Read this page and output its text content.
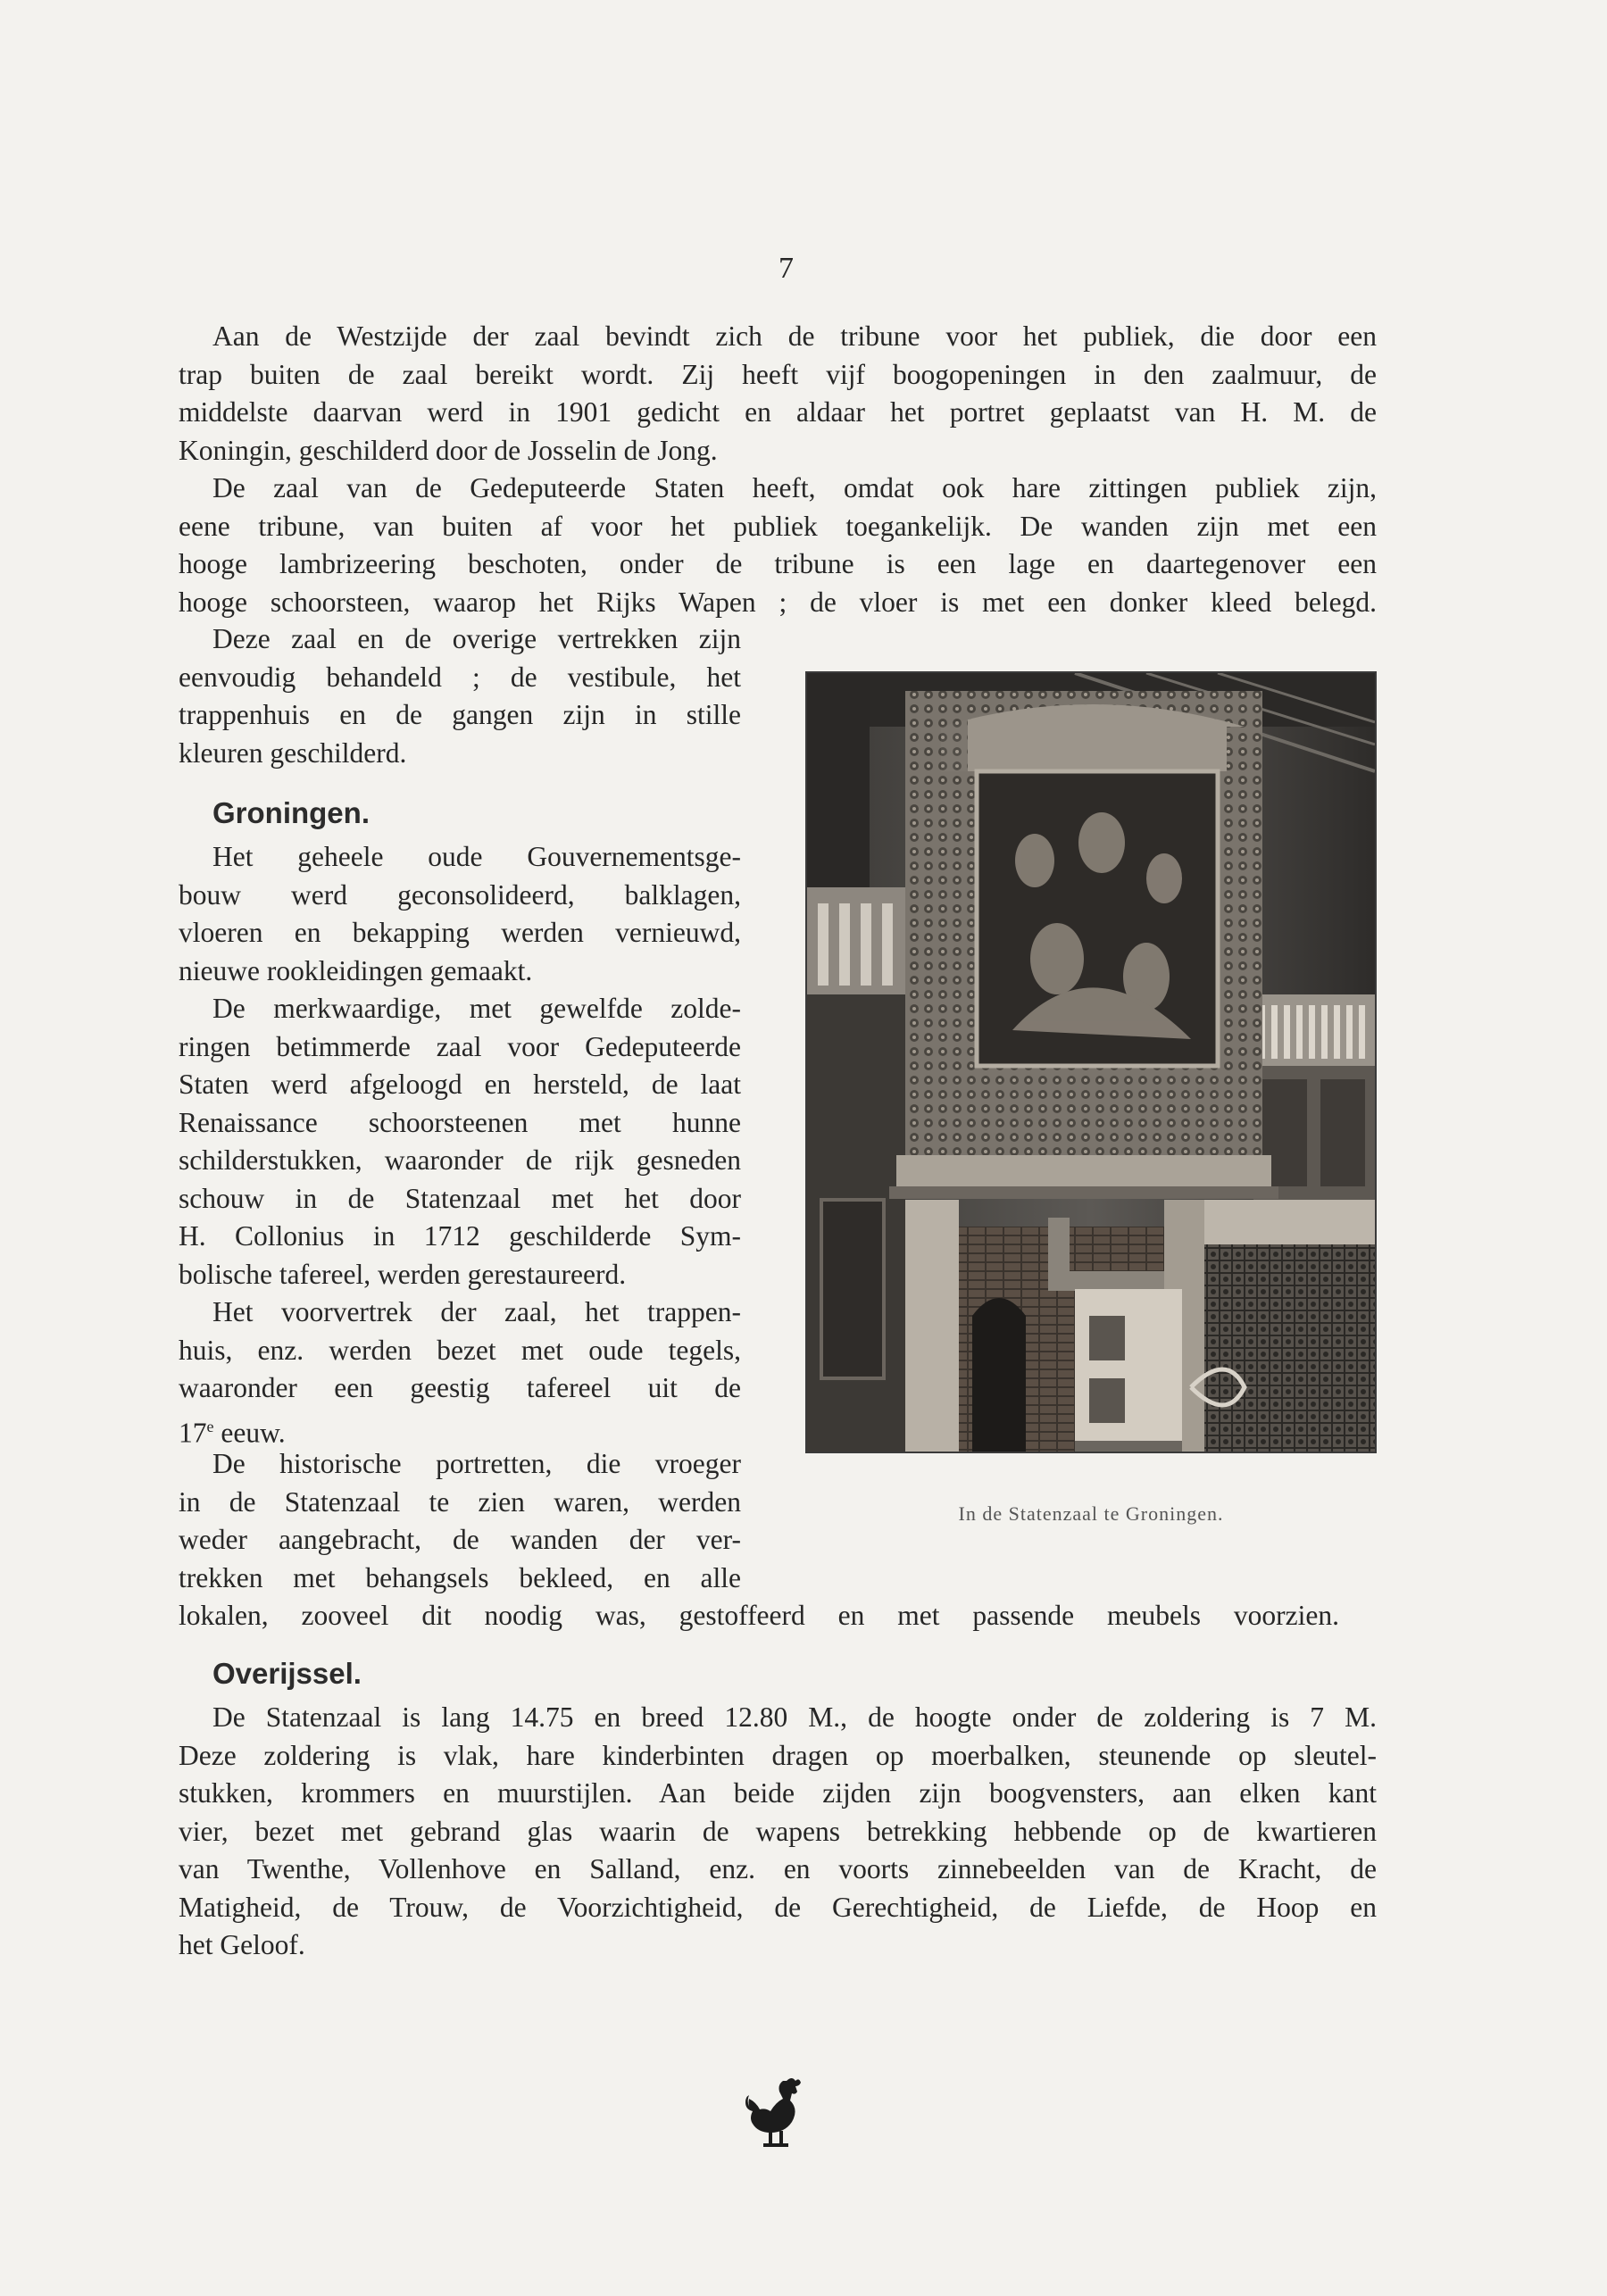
7
Aan de Westzijde der zaal bevindt zich de tribune voor het publiek, die door een
trap buiten de zaal bereikt wordt. Zij heeft vijf boogopeningen in den zaalmuur, de
middelste daarvan werd in 1901 gedicht en aldaar het portret geplaatst van H. M. de
Koningin, geschilderd door de Josselin de Jong.
De zaal van de Gedeputeerde Staten heeft, omdat ook hare zittingen publiek zijn,
eene tribune, van buiten af voor het publiek toegankelijk. De wanden zijn met een
hooge lambrizeering beschoten, onder de tribune is een lage en daartegenover een
hooge schoorsteen, waarop het Rijks Wapen ; de vloer is met een donker kleed belegd.
Deze zaal en de overige vertrekken zijn
eenvoudig behandeld ; de vestibule, het
trappenhuis en de gangen zijn in stille
kleuren geschilderd.
Groningen.
Het geheele oude Gouvernementsge-
bouw werd geconsolideerd, balklagen,
vloeren en bekapping werden vernieuwd,
nieuwe rookleidingen gemaakt.
De merkwaardige, met gewelfde zolde-
ringen betimmerde zaal voor Gedeputeerde
Staten werd afgeloogd en hersteld, de laat
Renaissance schoorsteenen met hunne
schilderstukken, waaronder de rijk gesneden
schouw in de Statenzaal met het door
H. Collonius in 1712 geschilderde Sym-
bolische tafereel, werden gerestaureerd.
Het voorvertrek der zaal, het trappen-
huis, enz. werden bezet met oude tegels,
waaronder een geestig tafereel uit de
17e eeuw.
De historische portretten, die vroeger
in de Statenzaal te zien waren, werden
weder aangebracht, de wanden der ver-
trekken met behangsels bekleed, en alle
lokalen, zooveel dit noodig was, gestoffeerd en met passende meubels voorzien.
In de Statenzaal te Groningen.
Overijssel.
De Statenzaal is lang 14.75 en breed 12.80 M., de hoogte onder de zoldering is 7 M.
Deze zoldering is vlak, hare kinderbinten dragen op moerbalken, steunende op sleutel-
stukken, krommers en muurstijlen. Aan beide zijden zijn boogvensters, aan elken kant
vier, bezet met gebrand glas waarin de wapens betrekking hebbende op de kwartieren
van Twenthe, Vollenhove en Salland, enz. en voorts zinnebeelden van de Kracht, de
Matigheid, de Trouw, de Voorzichtigheid, de Gerechtigheid, de Liefde, de Hoop en
het Geloof.
